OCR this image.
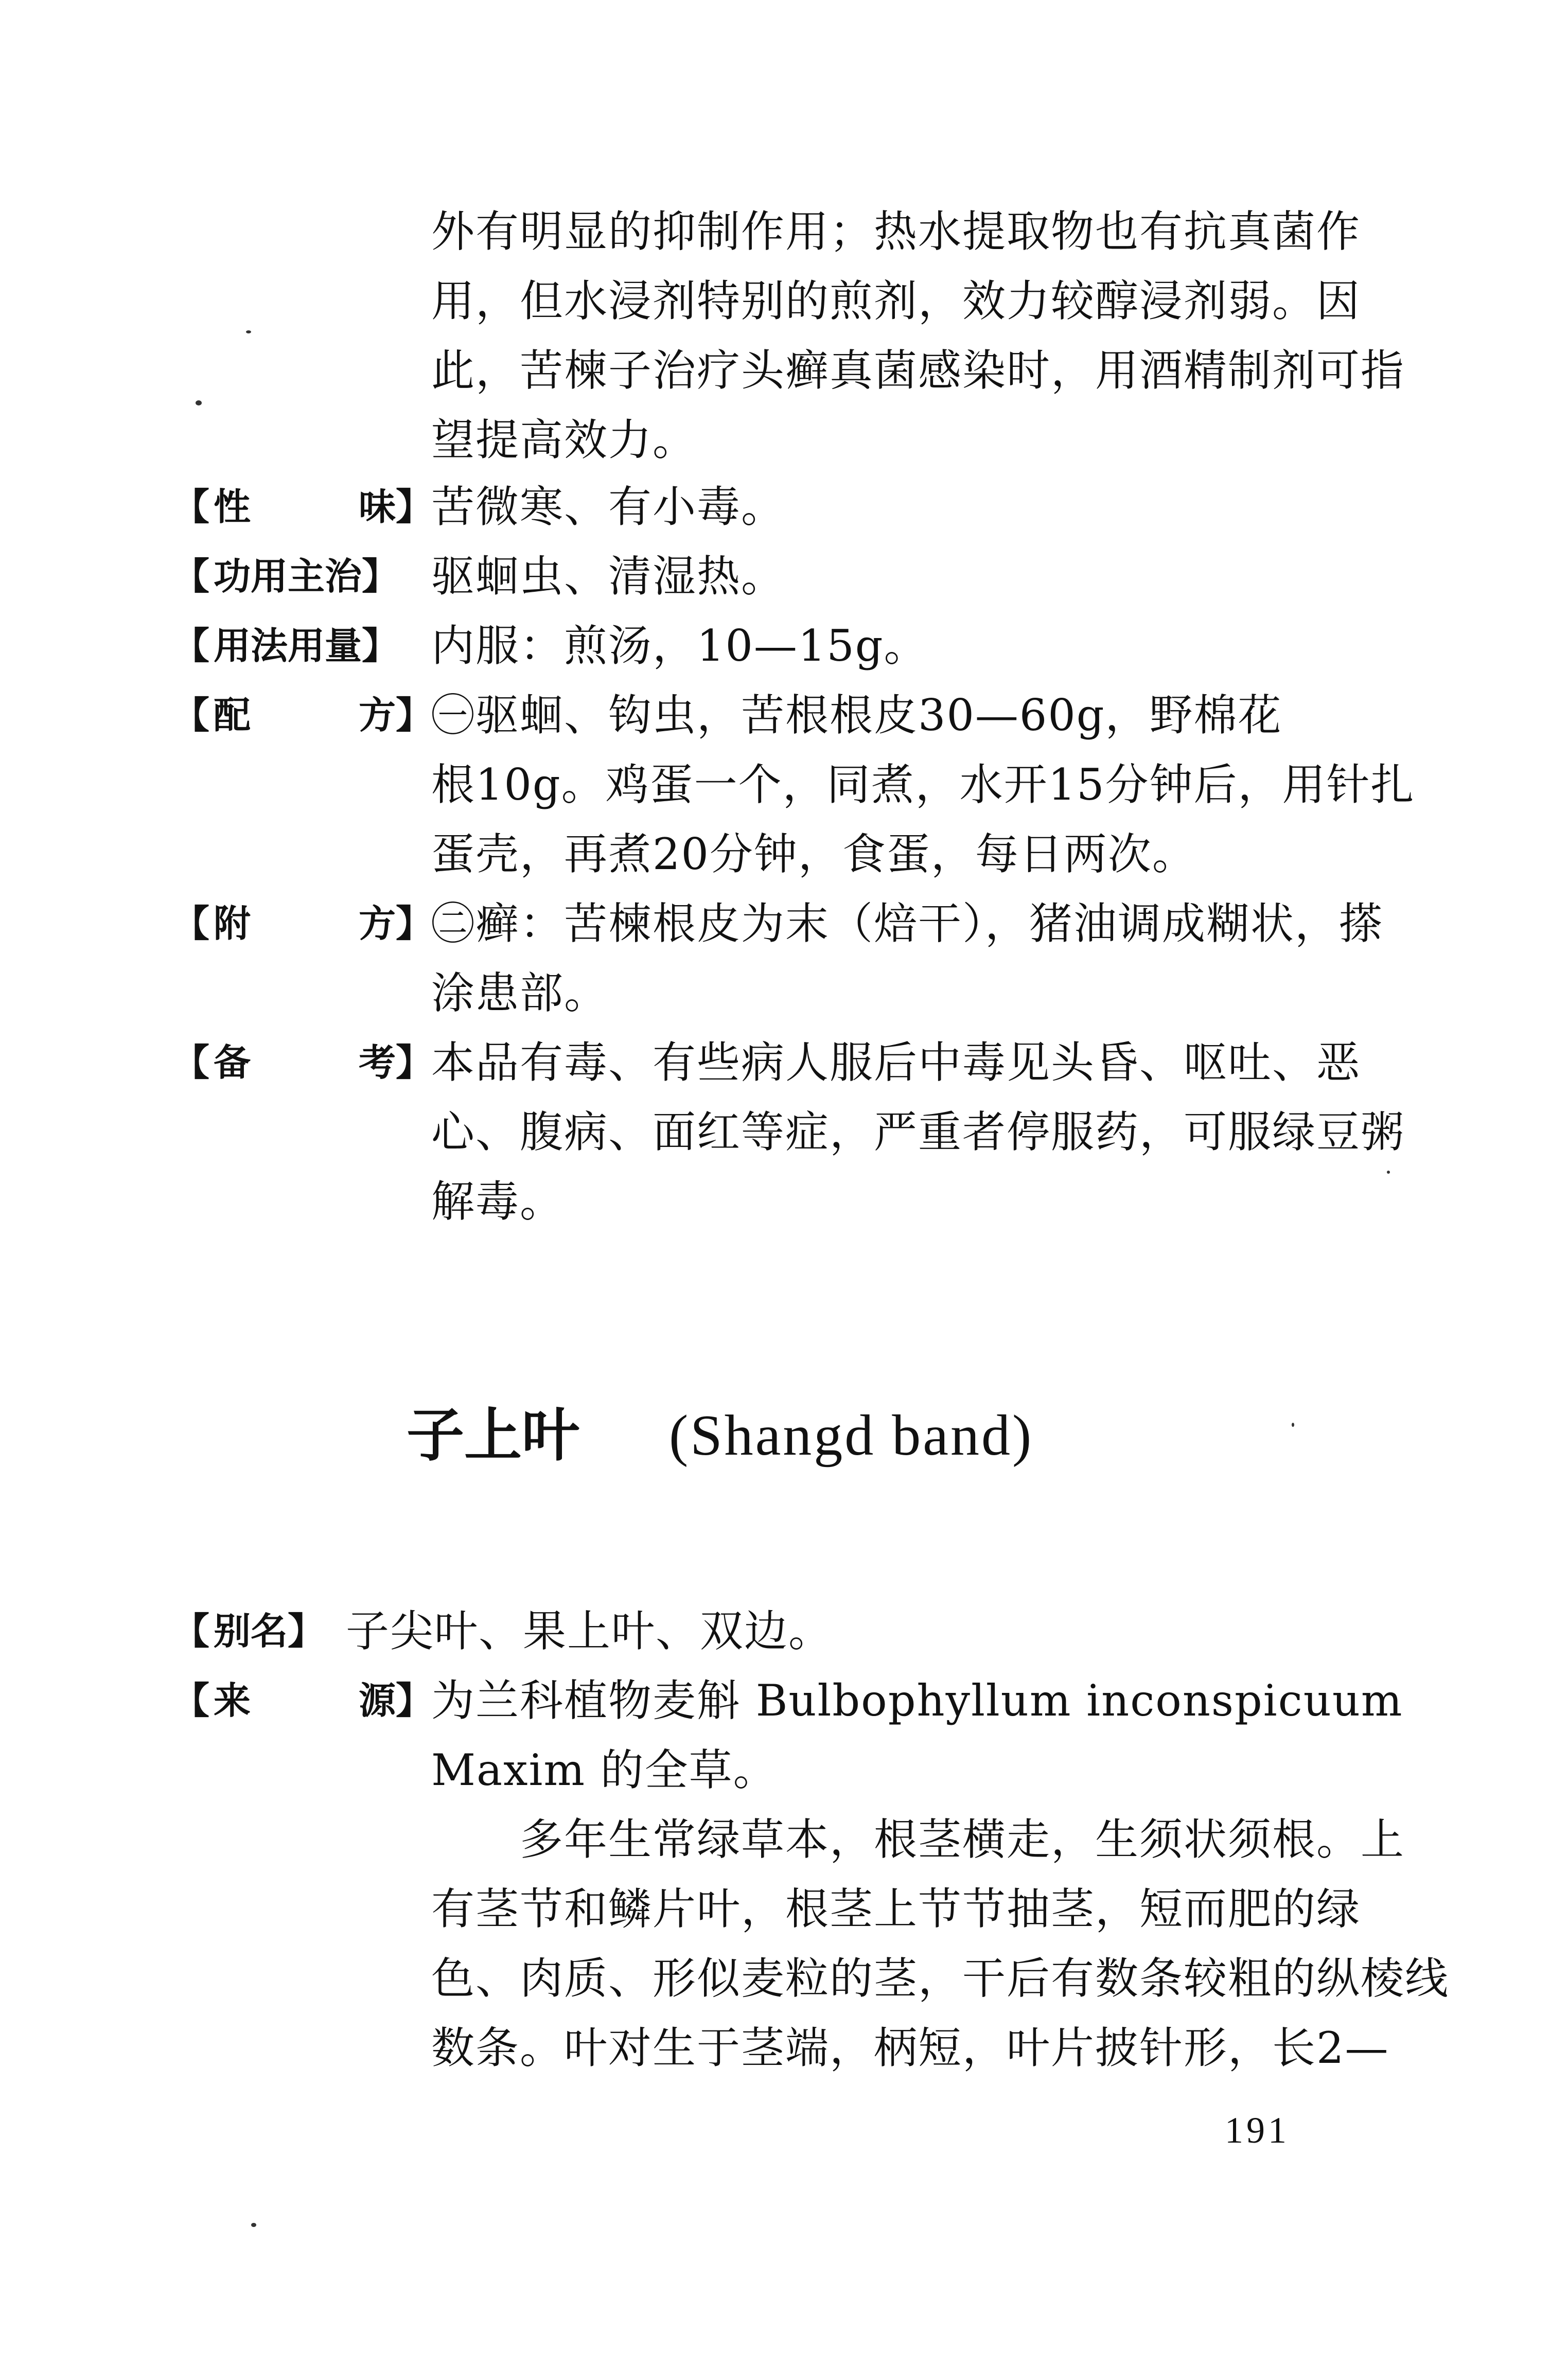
外有明显的抑制作用；热水提取物也有抗真菌作
用，但水浸剂特别的煎剂，效力较醇浸剂弱。因
此，苦楝子治疗头癣真菌感染时，用酒精制剂可指
望提高效力。
【 性	味】
苦微寒、有小毒。
【 功用主治】 驱蛔虫、清湿热。
【 用法用量】 内服：煎汤，10—15g。
【 配	方】
㊀驱蛔、钩虫，苦根根皮30—60g，野棉花
根10g。鸡蛋一个，同煮，水开15分钟后，用针扎
蛋壳，再煮20分钟，食蛋，每日两次。
【 附	方】
㊁癣：苦楝根皮为末（焙干），猪油调成糊状，搽
涂患部。
【 备	考】
本品有毒、有些病人服后中毒见头昏、呕吐、恶
心、腹病、面红等症，严重者停服药，可服绿豆粥
解毒。
子上叶 (Shangd band)
【 别名】 子尖叶、果上叶、双边。
【 来	源】
为兰科植物麦斛 Bulbophyllum inconspicuum
Maxim 的全草。
多年生常绿草本，根茎横走，生须状须根。上
有茎节和鳞片叶，根茎上节节抽茎，短而肥的绿
色、肉质、形似麦粒的茎，干后有数条较粗的纵棱线
数条。叶对生于茎端，柄短，叶片披针形，长2—
191
